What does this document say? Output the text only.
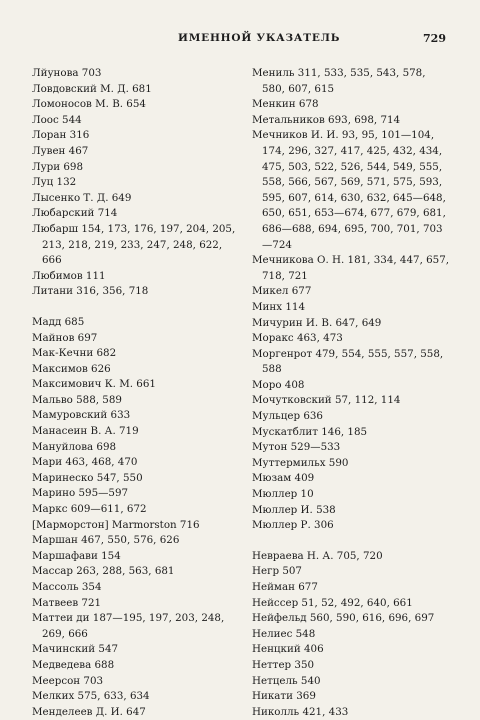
ИМЕННОЙ УКАЗАТЕЛЬ	729

Лйунова 703

Ловдовский М. Д. 681

Ломоносов М. В. 654

Лоос 544

Лоран 316

Лувен 467

Лури 698

Луц 132

Лысенко Т. Д. 649

Любарский 714

Любарш 154, 173, 176, 197, 204, 205, 213, 218, 219, 233, 247, 248, 622, 666

Любимов 111

Литани 316, 356, 718

Мадд 685

Майнов 697

Мак-Кечни 682

Максимов 626

Максимович К. М. 661

Мальво 588, 589

Мамуровский 633

Манасеин В. А. 719

Мануйлова 698

Мари 463, 468, 470

Маринеско 547, 550

Марино 595—597

Маркс 609—611, 672

[Марморстон] Marmorston 716

Маршан 467, 550, 576, 626

Маршафави 154

Массар 263, 288, 563, 681

Массоль 354

Матвеев 721

Маттеи ди 187—195, 197, 203, 248, 269, 666

Мачинский 547

Медведева 688

Меерсон 703

Мелких 575, 633, 634

Менделеев Д. И. 647

Мениль 311, 533, 535, 543, 578, 580, 607, 615

Менкин 678

Метальников 693, 698, 714

Мечников И. И. 93, 95, 101—104, 174, 296, 327, 417, 425, 432, 434, 475, 503, 522, 526, 544, 549, 555, 558, 566, 567, 569, 571, 575, 593, 595, 607, 614, 630, 632, 645—648, 650, 651, 653—674, 677, 679, 681, 686—688, 694, 695, 700, 701, 703—724

Мечникова О. Н. 181, 334, 447, 657, 718, 721

Микел 677

Минх 114

Мичурин И. В. 647, 649

Моракс 463, 473

Моргенрот 479, 554, 555, 557, 558, 588

Моро 408

Мочутковский 57, 112, 114

Мульцер 636

Мускатблит 146, 185

Мутон 529—533

Муттермильх 590

Мюзам 409

Мюллер 10

Мюллер И. 538

Мюллер Р. 306

Невраева Н. А. 705, 720

Негр 507

Нейман 677

Нейссер 51, 52, 492, 640, 661

Нейфельд 560, 590, 616, 696, 697

Нелиес 548

Ненцкий 406

Неттер 350

Нетцель 540

Никати 369

Николль 421, 433
